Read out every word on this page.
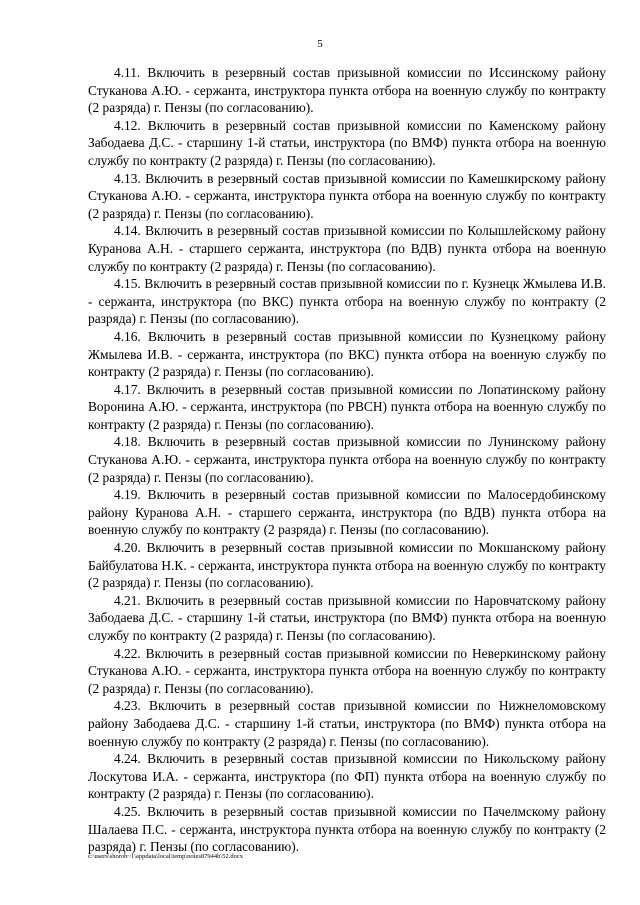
5

4.11. Включить в резервный состав призывной комиссии по Иссинскому району Стуканова А.Ю. - сержанта, инструктора пункта отбора на военную службу по контракту (2 разряда) г. Пензы (по согласованию).

4.12. Включить в резервный состав призывной комиссии по Каменскому району Забодаева Д.С. - старшину 1-й статьи, инструктора (по ВМФ) пункта отбора на военную службу по контракту (2 разряда) г. Пензы (по согласованию).

4.13. Включить в резервный состав призывной комиссии по Камешкирскому району Стуканова А.Ю. - сержанта, инструктора пункта отбора на военную службу по контракту (2 разряда) г. Пензы (по согласованию).

4.14. Включить в резервный состав призывной комиссии по Колышлейскому району Куранова А.Н. - старшего сержанта, инструктора (по ВДВ) пункта отбора на военную службу по контракту (2 разряда) г. Пензы (по согласованию).

4.15. Включить в резервный состав призывной комиссии по г. Кузнецк Жмылева И.В. - сержанта, инструктора (по ВКС) пункта отбора на военную службу по контракту (2 разряда) г. Пензы (по согласованию).

4.16. Включить в резервный состав призывной комиссии по Кузнецкому району Жмылева И.В. - сержанта, инструктора (по ВКС) пункта отбора на военную службу по контракту (2 разряда) г. Пензы (по согласованию).

4.17. Включить в резервный состав призывной комиссии по Лопатинскому району Воронина А.Ю. - сержанта, инструктора (по РВСН) пункта отбора на военную службу по контракту (2 разряда) г. Пензы (по согласованию).

4.18. Включить в резервный состав призывной комиссии по Лунинскому району Стуканова А.Ю. - сержанта, инструктора пункта отбора на военную службу по контракту (2 разряда) г. Пензы (по согласованию).

4.19. Включить в резервный состав призывной комиссии по Малосердобинскому району Куранова А.Н. - старшего сержанта, инструктора (по ВДВ) пункта отбора на военную службу по контракту (2 разряда) г. Пензы (по согласованию).

4.20. Включить в резервный состав призывной комиссии по Мокшанскому району Байбулатова Н.К. - сержанта, инструктора пункта отбора на военную службу по контракту (2 разряда) г. Пензы (по согласованию).

4.21. Включить в резервный состав призывной комиссии по Наровчатскому району Забодаева Д.С. - старшину 1-й статьи, инструктора (по ВМФ) пункта отбора на военную службу по контракту (2 разряда) г. Пензы (по согласованию).

4.22. Включить в резервный состав призывной комиссии по Неверкинскому району Стуканова А.Ю. - сержанта, инструктора пункта отбора на военную службу по контракту (2 разряда) г. Пензы (по согласованию).

4.23. Включить в резервный состав призывной комиссии по Нижнеломовскому району Забодаева Д.С. - старшину 1-й статьи, инструктора (по ВМФ) пункта отбора на военную службу по контракту (2 разряда) г. Пензы (по согласованию).

4.24. Включить в резервный состав призывной комиссии по Никольскому району Лоскутова И.А. - сержанта, инструктора (по ФП) пункта отбора на военную службу по контракту (2 разряда) г. Пензы (по согласованию).

4.25. Включить в резервный состав призывной комиссии по Пачелмскому району Шалаева П.С. - сержанта, инструктора пункта отбора на военную службу по контракту (2 разряда) г. Пензы (по согласованию).

c:\users\shorob~1\appdata\local\temp\notes87944b\52.docx
